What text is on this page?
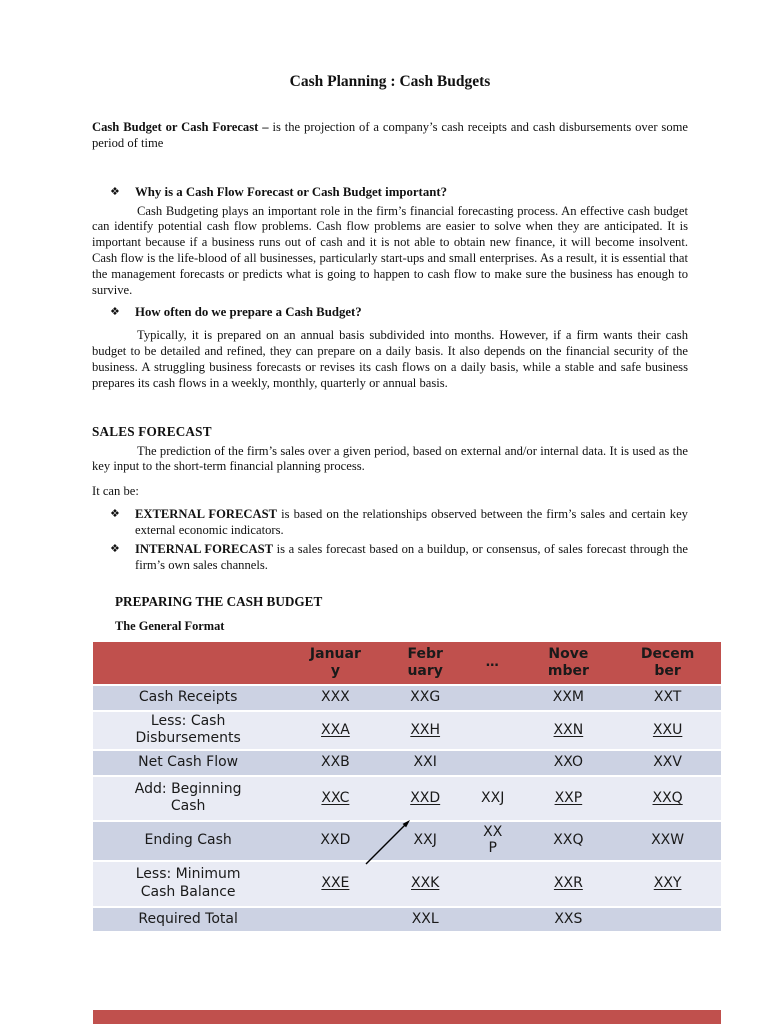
Cash Planning : Cash Budgets

Cash Budget or Cash Forecast – is the projection of a company’s cash receipts and cash disbursements over some period of time

❖	Why is a Cash Flow Forecast or Cash Budget important?

Cash Budgeting plays an important role in the firm’s financial forecasting process. An effective cash budget can identify potential cash flow problems. Cash flow problems are easier to solve when they are anticipated. It is important because if a business runs out of cash and it is not able to obtain new finance, it will become insolvent. Cash flow is the life-blood of all businesses, particularly start-ups and small enterprises. As a result, it is essential that the management forecasts or predicts what is going to happen to cash flow to make sure the business has enough to survive.

❖	How often do we prepare a Cash Budget?

Typically, it is prepared on an annual basis subdivided into months. However, if a firm wants their cash budget to be detailed and refined, they can prepare on a daily basis. It also depends on the financial security of the business. A struggling business forecasts or revises its cash flows on a daily basis, while a stable and safe business prepares its cash flows in a weekly, monthly, quarterly or annual basis.

SALES FORECAST

The prediction of the firm’s sales over a given period, based on external and/or internal data. It is used as the key input to the short-term financial planning process.

It can be:
❖	EXTERNAL FORECAST is based on the relationships observed between the firm’s sales and certain key external economic indicators.
❖	INTERNAL FORECAST is a sales forecast based on a buildup, or consensus, of sales forecast through the firm’s own sales channels.
PREPARING THE CASH BUDGET
The General Format

	January	February	…	November	December

Cash Receipts	XXX	XXG		XXM	XXT

Less: Cash Disbursements	XXA	XXH		XXN	XXU

Net Cash Flow	XXB	XXI		XXO	XXV

Add: Beginning Cash	XXC	XXD	XXJ	XXP	XXQ

Ending Cash	XXD	XXJ	XXP	XXQ	XXW

Less: Minimum Cash Balance	XXE	XXK		XXR	XXY

Required Total		XXL		XXS	
